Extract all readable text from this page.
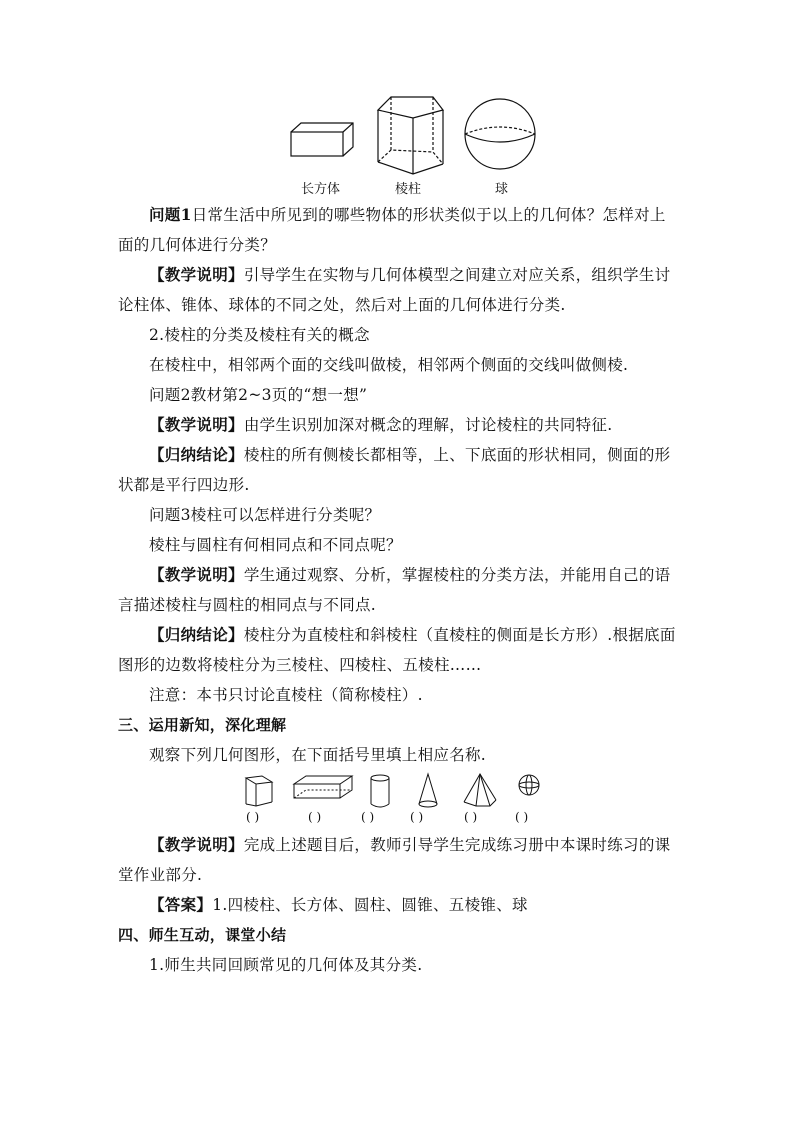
长方体	棱柱	球

问题1日常生活中所见到的哪些物体的形状类似于以上的几何体？怎样对上面的几何体进行分类？

【教学说明】引导学生在实物与几何体模型之间建立对应关系，组织学生讨论柱体、锥体、球体的不同之处，然后对上面的几何体进行分类.

2.棱柱的分类及棱柱有关的概念

在棱柱中，相邻两个面的交线叫做棱，相邻两个侧面的交线叫做侧棱.

问题2教材第2~3页的“想一想”

【教学说明】由学生识别加深对概念的理解，讨论棱柱的共同特征.

【归纳结论】棱柱的所有侧棱长都相等，上、下底面的形状相同，侧面的形状都是平行四边形.

问题3棱柱可以怎样进行分类呢？

棱柱与圆柱有何相同点和不同点呢？

【教学说明】学生通过观察、分析，掌握棱柱的分类方法，并能用自己的语言描述棱柱与圆柱的相同点与不同点.

【归纳结论】棱柱分为直棱柱和斜棱柱（直棱柱的侧面是长方形）.根据底面图形的边数将棱柱分为三棱柱、四棱柱、五棱柱……

注意：本书只讨论直棱柱（简称棱柱）.

三、运用新知，深化理解

观察下列几何图形，在下面括号里填上相应名称.

( )	( )	( )	( )	( )	( )

【教学说明】完成上述题目后，教师引导学生完成练习册中本课时练习的课堂作业部分.

【答案】1.四棱柱、长方体、圆柱、圆锥、五棱锥、球

四、师生互动，课堂小结

1.师生共同回顾常见的几何体及其分类.
